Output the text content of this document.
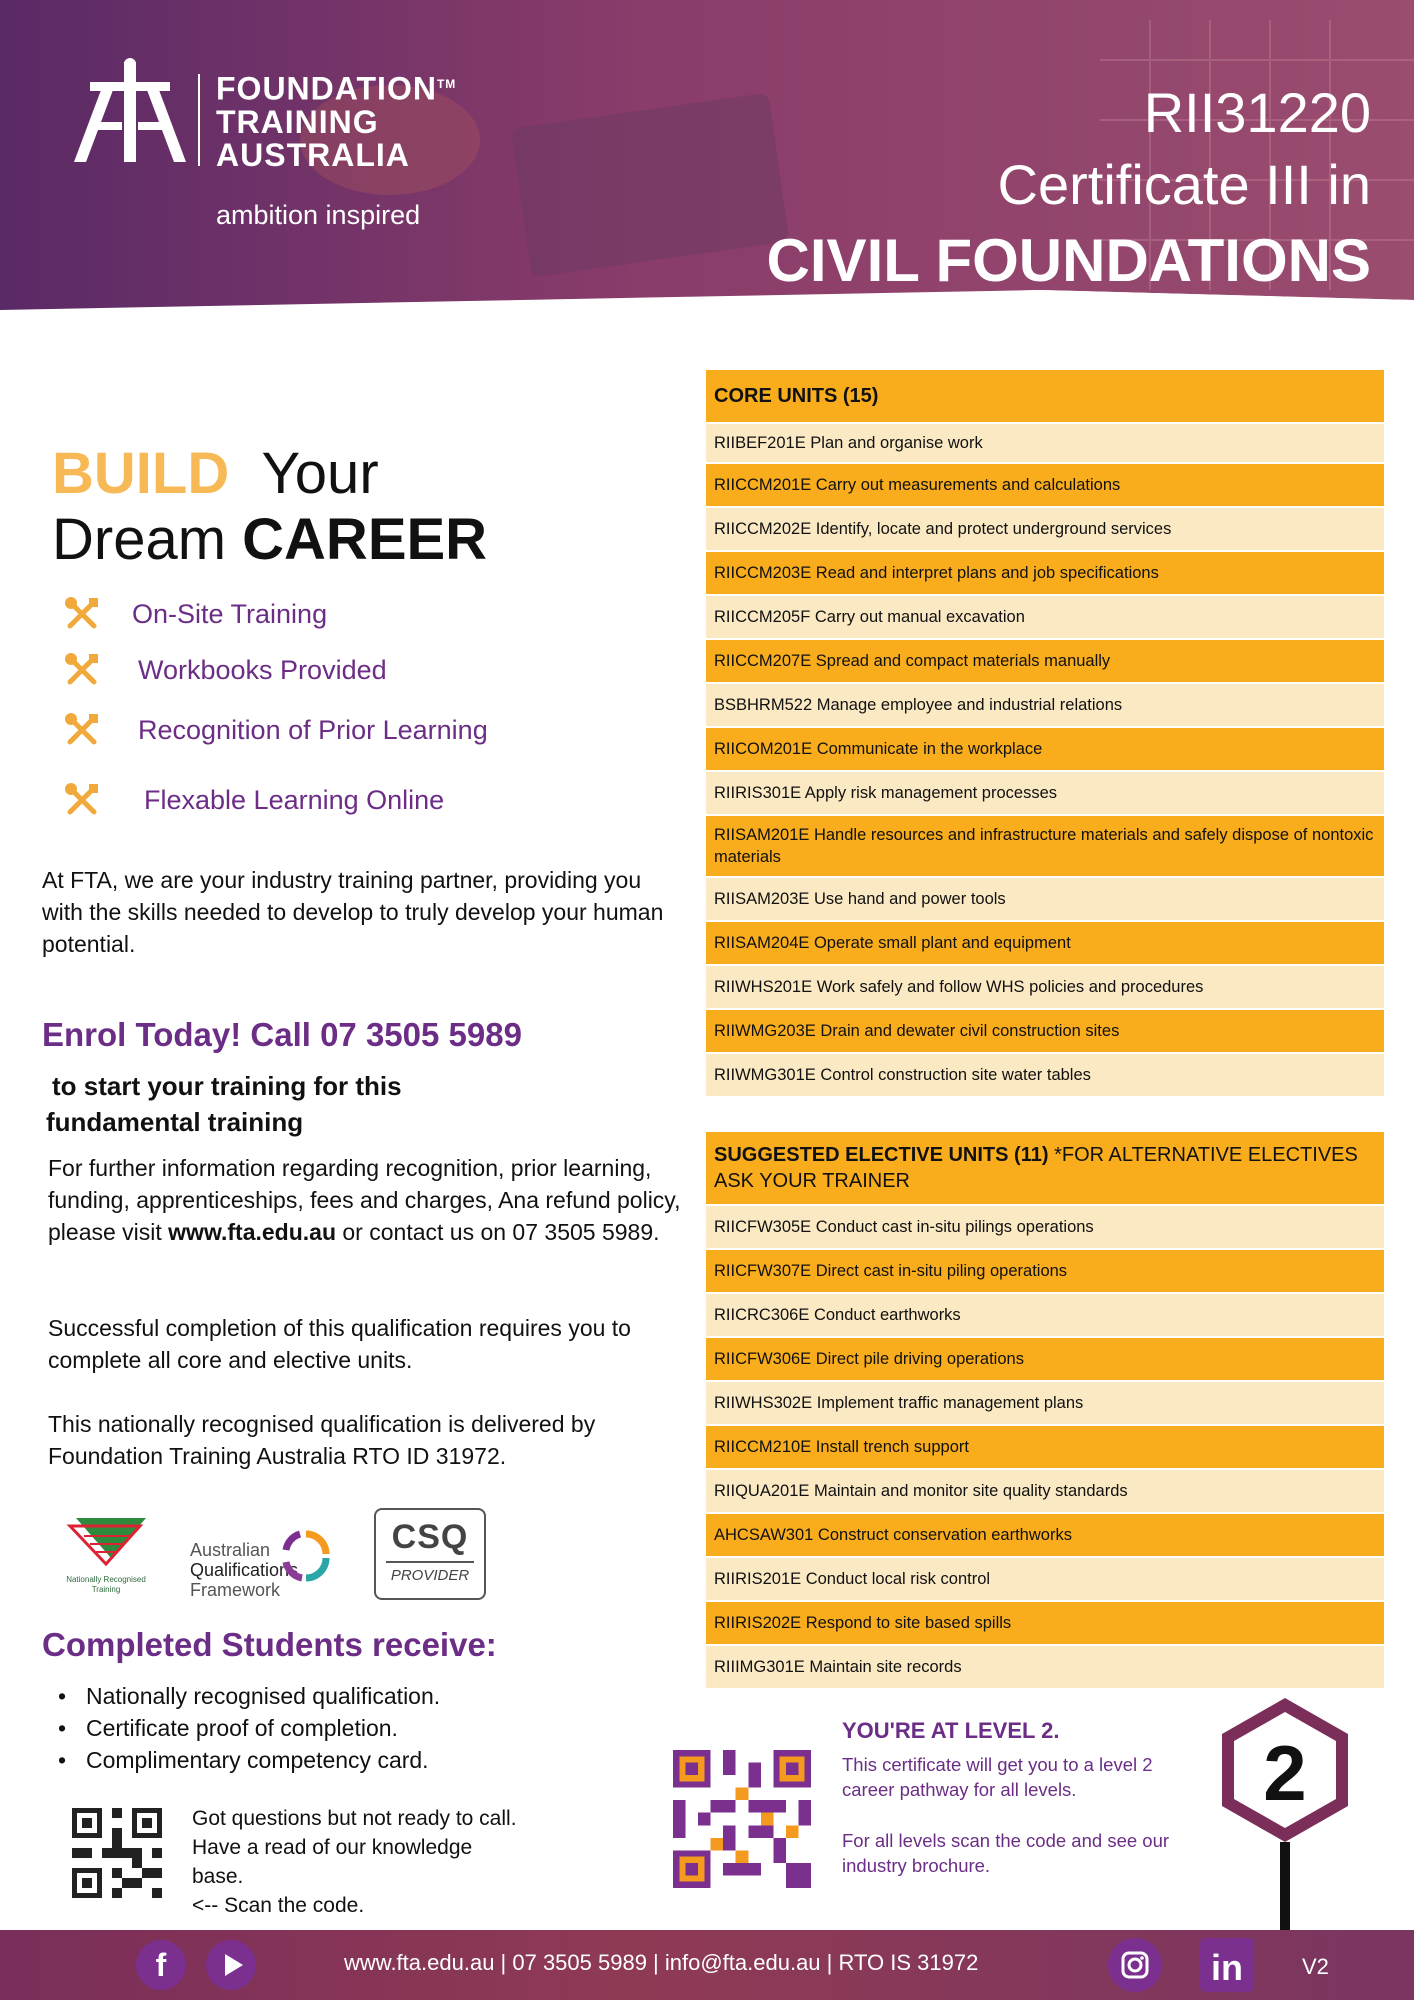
FOUNDATION™
TRAINING
AUSTRALIA
ambition inspired
RII31220
Certificate III in
CIVIL FOUNDATIONS
BUILD Your
Dream CAREER
On-Site Training
Workbooks Provided
Recognition of Prior Learning
Flexable Learning Online
At FTA, we are your industry training partner, providing you with the skills needed to develop to truly develop your human potential.
Enrol Today! Call 07 3505 5989
to start your training for this
fundamental training
For further information regarding recognition, prior learning, funding, apprenticeships, fees and charges, Ana refund policy, please visit www.fta.edu.au or contact us on 07 3505 5989.
Successful completion of this qualification requires you to complete all core and elective units.
This nationally recognised qualification is delivered by Foundation Training Australia RTO ID 31972.
Nationally Recognised
Training
Australian
Qualifications
Framework
CSQ
PROVIDER
Completed Students receive:
• Nationally recognised qualification.
• Certificate proof of completion.
• Complimentary competency card.
Got questions but not ready to call.
Have a read of our knowledge
base.
<-- Scan the code.
CORE UNITS (15)
RIIBEF201E Plan and organise work
RIICCM201E Carry out measurements and calculations
RIICCM202E Identify, locate and protect underground services
RIICCM203E Read and interpret plans and job specifications
RIICCM205F Carry out manual excavation
RIICCM207E Spread and compact materials manually
BSBHRM522 Manage employee and industrial relations
RIICOM201E Communicate in the workplace
RIIRIS301E Apply risk management processes
RIISAM201E Handle resources and infrastructure materials and safely dispose of nontoxic materials
RIISAM203E Use hand and power tools
RIISAM204E Operate small plant and equipment
RIIWHS201E Work safely and follow WHS policies and procedures
RIIWMG203E Drain and dewater civil construction sites
RIIWMG301E Control construction site water tables
SUGGESTED ELECTIVE UNITS (11) *FOR ALTERNATIVE ELECTIVES ASK YOUR TRAINER
RIICFW305E Conduct cast in-situ pilings operations
RIICFW307E Direct cast in-situ piling operations
RIICRC306E Conduct earthworks
RIICFW306E Direct pile driving operations
RIIWHS302E Implement traffic management plans
RIICCM210E Install trench support
RIIQUA201E Maintain and monitor site quality standards
AHCSAW301 Construct conservation earthworks
RIIRIS201E Conduct local risk control
RIIRIS202E Respond to site based spills
RIIIMG301E Maintain site records
YOU'RE AT LEVEL 2.
This certificate will get you to a level 2 career pathway for all levels.
For all levels scan the code and see our industry brochure.
2
f	www.fta.edu.au | 07 3505 5989 | info@fta.edu.au | RTO IS 31972	in	V2
